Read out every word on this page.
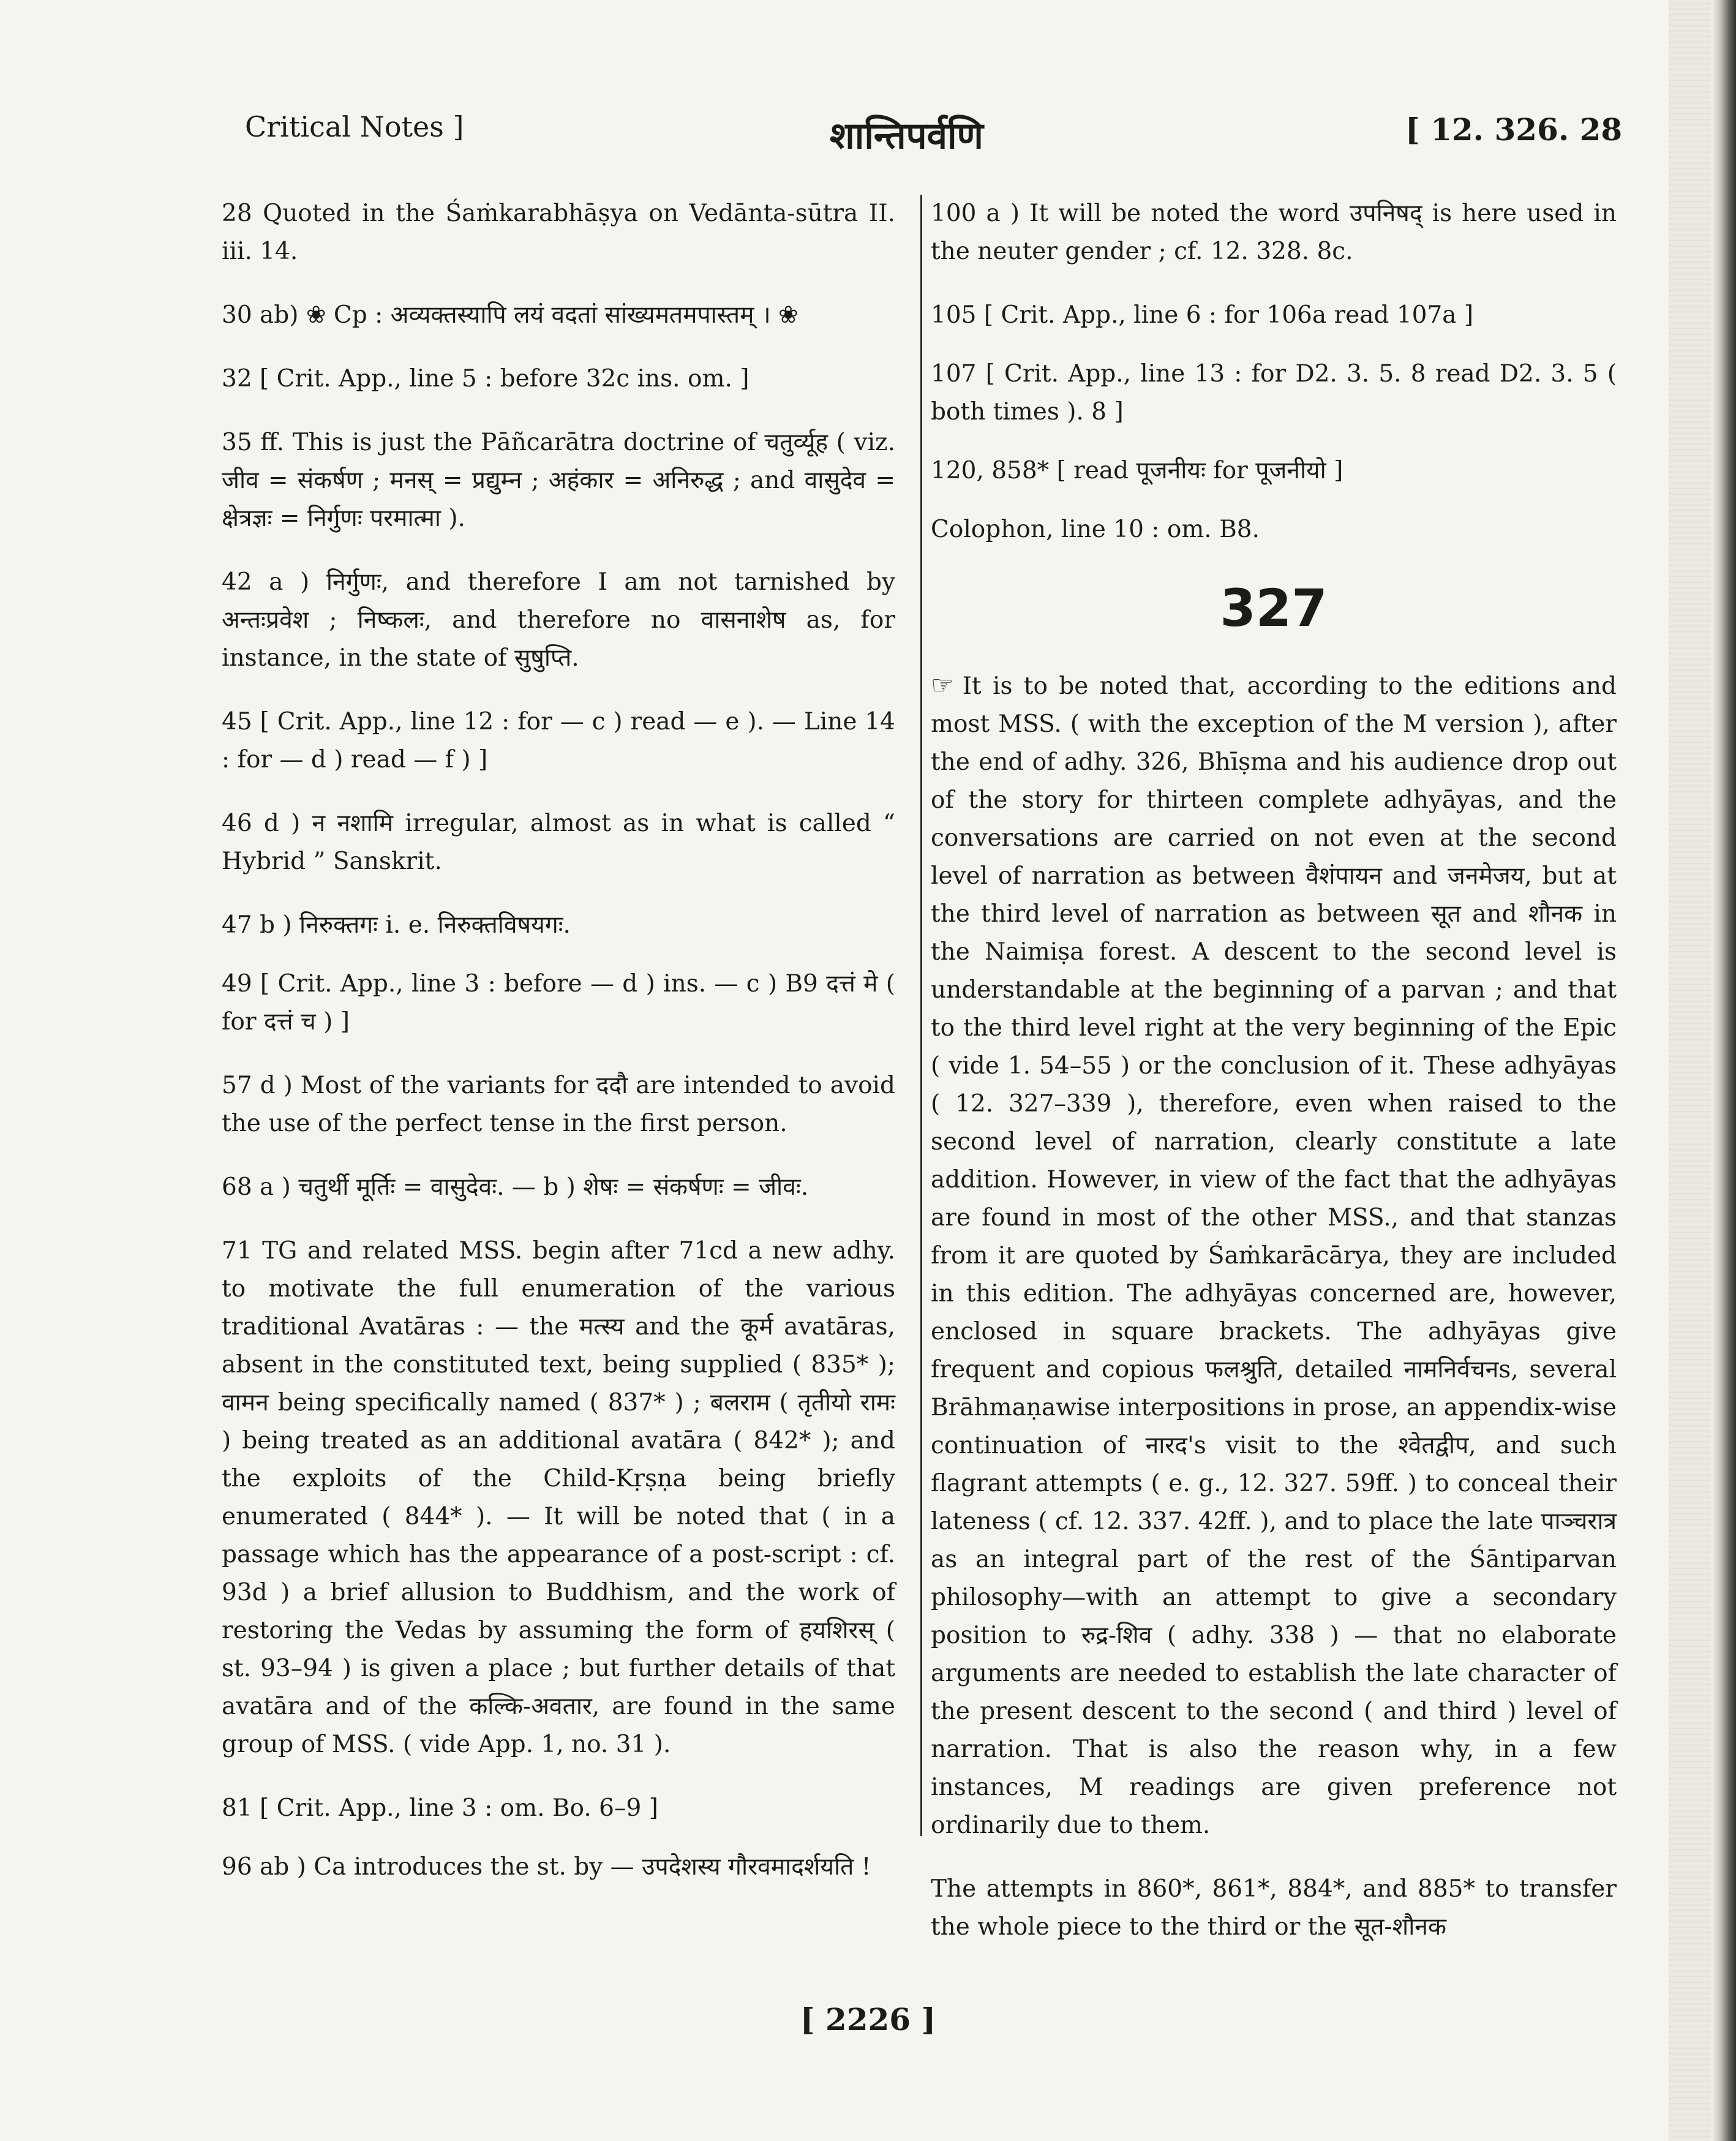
Critical Notes ]	शान्तिपर्वणि	[ 12. 326. 28

28 Quoted in the Śaṁkarabhāṣya on Vedānta-sūtra II. iii. 14.

30 ab) ❀ Cp : अव्यक्तस्यापि लयं वदतां सांख्यमतमपास्तम् । ❀

32 [ Crit. App., line 5 : before 32c ins. om. ]

35 ff. This is just the Pāñcarātra doctrine of चतुर्व्यूह ( viz. जीव = संकर्षण ; मनस् = प्रद्युम्न ; अहंकार = अनिरुद्ध ; and वासुदेव = क्षेत्रज्ञः = निर्गुणः परमात्मा ).

42 a ) निर्गुणः, and therefore I am not tarnished by अन्तःप्रवेश ; निष्कलः, and therefore no वासनाशेष as, for instance, in the state of सुषुप्ति.

45 [ Crit. App., line 12 : for — c ) read — e ). — Line 14 : for — d ) read — f ) ]

46 d ) न नशामि irregular, almost as in what is called “ Hybrid ” Sanskrit.

47 b ) निरुक्तगः i. e. निरुक्तविषयगः.

49 [ Crit. App., line 3 : before — d ) ins. — c ) B9 दत्तं मे ( for दत्तं च ) ]

57 d ) Most of the variants for ददौ are intended to avoid the use of the perfect tense in the first person.

68 a ) चतुर्थी मूर्तिः = वासुदेवः. — b ) शेषः = संकर्षणः = जीवः.

71 TG and related MSS. begin after 71cd a new adhy. to motivate the full enumeration of the various traditional Avatāras : — the मत्स्य and the कूर्म avatāras, absent in the constituted text, being supplied ( 835* ); वामन being specifically named ( 837* ) ; बलराम ( तृतीयो रामः ) being treated as an additional avatāra ( 842* ); and the exploits of the Child-Kṛṣṇa being briefly enumerated ( 844* ). — It will be noted that ( in a passage which has the appearance of a post-script : cf. 93d ) a brief allusion to Buddhism, and the work of restoring the Vedas by assuming the form of हयशिरस् ( st. 93–94 ) is given a place ; but further details of that avatāra and of the कल्कि-अवतार, are found in the same group of MSS. ( vide App. 1, no. 31 ).

81 [ Crit. App., line 3 : om. Bo. 6–9 ]

96 ab ) Ca introduces the st. by — उपदेशस्य गौरवमादर्शयति !

100 a ) It will be noted the word उपनिषद् is here used in the neuter gender ; cf. 12. 328. 8c.

105 [ Crit. App., line 6 : for 106a read 107a ]

107 [ Crit. App., line 13 : for D2. 3. 5. 8 read D2. 3. 5 ( both times ). 8 ]

120, 858* [ read पूजनीयः for पूजनीयो ]

Colophon, line 10 : om. B8.

327

☞ It is to be noted that, according to the editions and most MSS. ( with the exception of the M version ), after the end of adhy. 326, Bhīṣma and his audience drop out of the story for thirteen complete adhyāyas, and the conversations are carried on not even at the second level of narration as between वैशंपायन and जनमेजय, but at the third level of narration as between सूत and शौनक in the Naimiṣa forest. A descent to the second level is understandable at the beginning of a parvan ; and that to the third level right at the very beginning of the Epic ( vide 1. 54–55 ) or the conclusion of it. These adhyāyas ( 12. 327–339 ), therefore, even when raised to the second level of narration, clearly constitute a late addition. However, in view of the fact that the adhyāyas are found in most of the other MSS., and that stanzas from it are quoted by Śaṁkarācārya, they are included in this edition. The adhyāyas concerned are, however, enclosed in square brackets. The adhyāyas give frequent and copious फलश्रुति, detailed नामनिर्वचनs, several Brāhmaṇawise interpositions in prose, an appendix-wise continuation of नारद's visit to the श्वेतद्वीप, and such flagrant attempts ( e. g., 12. 327. 59ff. ) to conceal their lateness ( cf. 12. 337. 42ff. ), and to place the late पाञ्चरात्र as an integral part of the rest of the Śāntiparvan philosophy—with an attempt to give a secondary position to रुद्र-शिव ( adhy. 338 ) — that no elaborate arguments are needed to establish the late character of the present descent to the second ( and third ) level of narration. That is also the reason why, in a few instances, M readings are given preference not ordinarily due to them.

The attempts in 860*, 861*, 884*, and 885* to transfer the whole piece to the third or the सूत-शौनक

[ 2226 ]
